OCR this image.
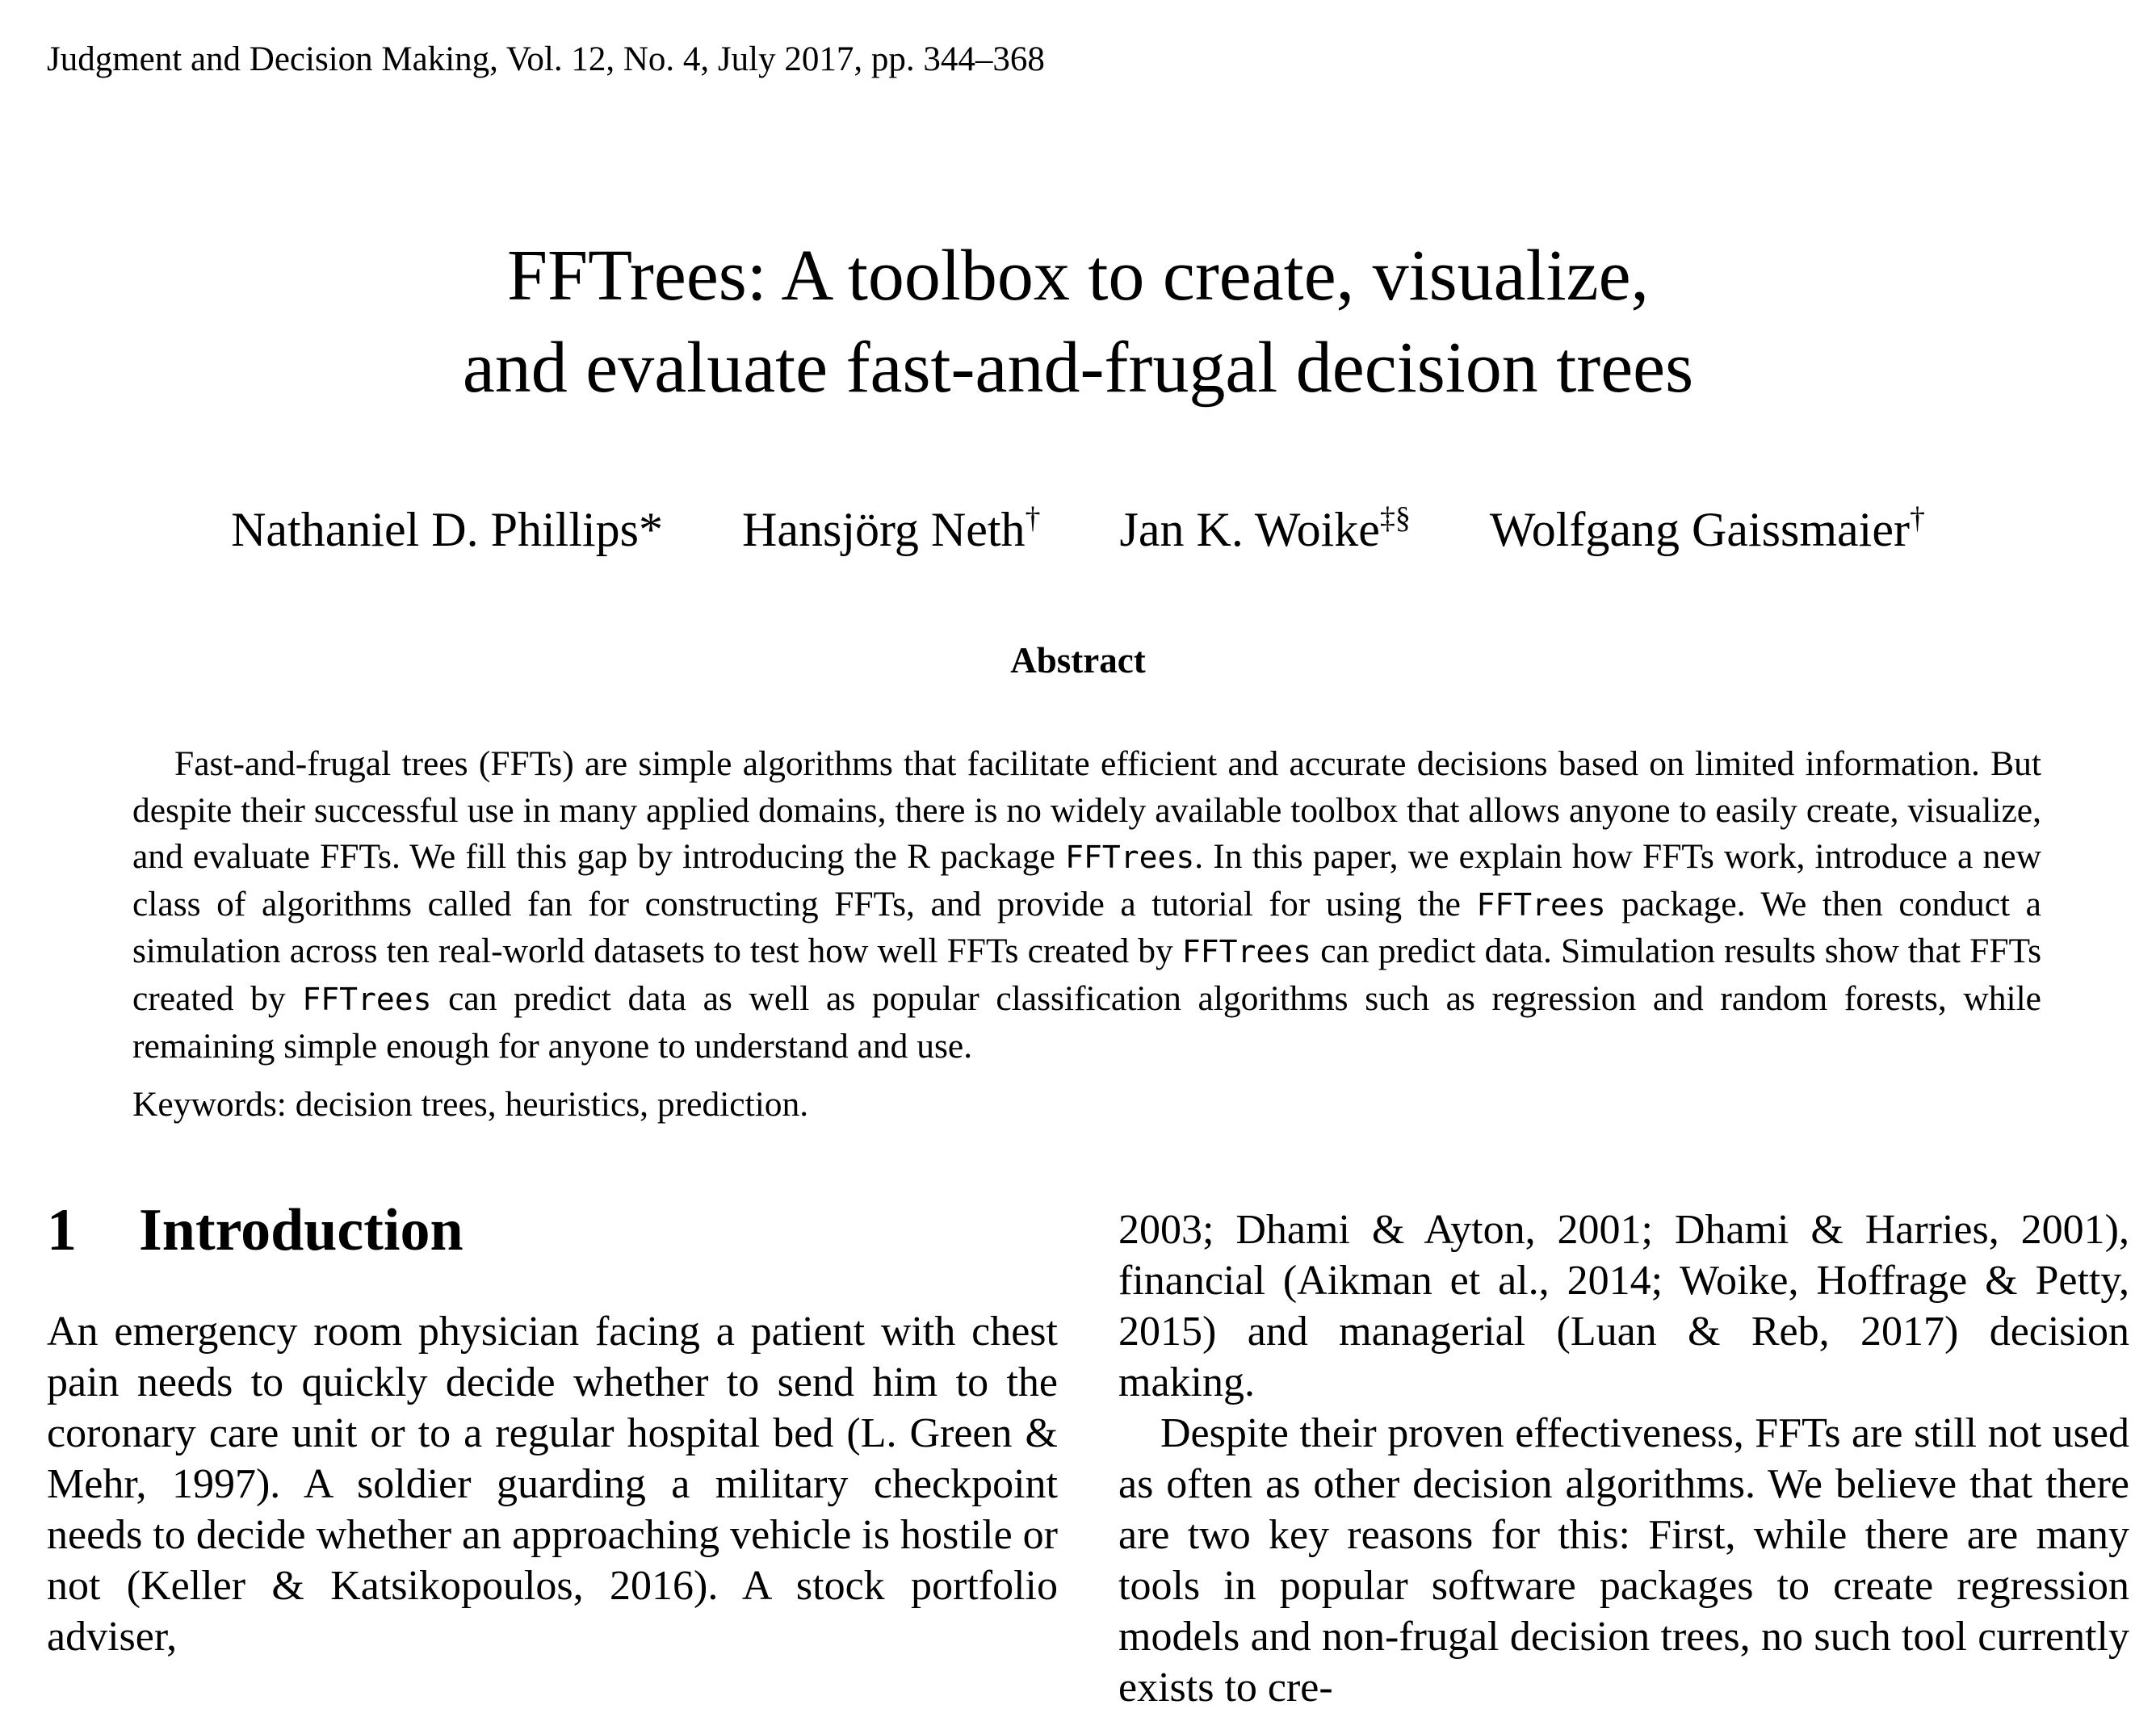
Judgment and Decision Making, Vol. 12, No. 4, July 2017, pp. 344–368
FFTrees: A toolbox to create, visualize,
and evaluate fast-and-frugal decision trees
Nathaniel D. Phillips* Hansjörg Neth† Jan K. Woike‡§ Wolfgang Gaissmaier†
Abstract

Fast-and-frugal trees (FFTs) are simple algorithms that facilitate efficient and accurate decisions based on limited information. But despite their successful use in many applied domains, there is no widely available toolbox that allows anyone to easily create, visualize, and evaluate FFTs. We fill this gap by introducing the R package FFTrees. In this paper, we explain how FFTs work, introduce a new class of algorithms called fan for constructing FFTs, and provide a tutorial for using the FFTrees package. We then conduct a simulation across ten real-world datasets to test how well FFTs created by FFTrees can predict data. Simulation results show that FFTs created by FFTrees can predict data as well as popular classification algorithms such as regression and random forests, while remaining simple enough for anyone to understand and use.

Keywords: decision trees, heuristics, prediction.
1 Introduction

An emergency room physician facing a patient with chest pain needs to quickly decide whether to send him to the coronary care unit or to a regular hospital bed (L. Green & Mehr, 1997). A soldier guarding a military checkpoint needs to decide whether an approaching vehicle is hostile or not (Keller & Katsikopoulos, 2016). A stock portfolio adviser,

2003; Dhami & Ayton, 2001; Dhami & Harries, 2001), financial (Aikman et al., 2014; Woike, Hoffrage & Petty, 2015) and managerial (Luan & Reb, 2017) decision making.

Despite their proven effectiveness, FFTs are still not used as often as other decision algorithms. We believe that there are two key reasons for this: First, while there are many tools in popular software packages to create regression models and non-frugal decision trees, no such tool currently exists to cre-
